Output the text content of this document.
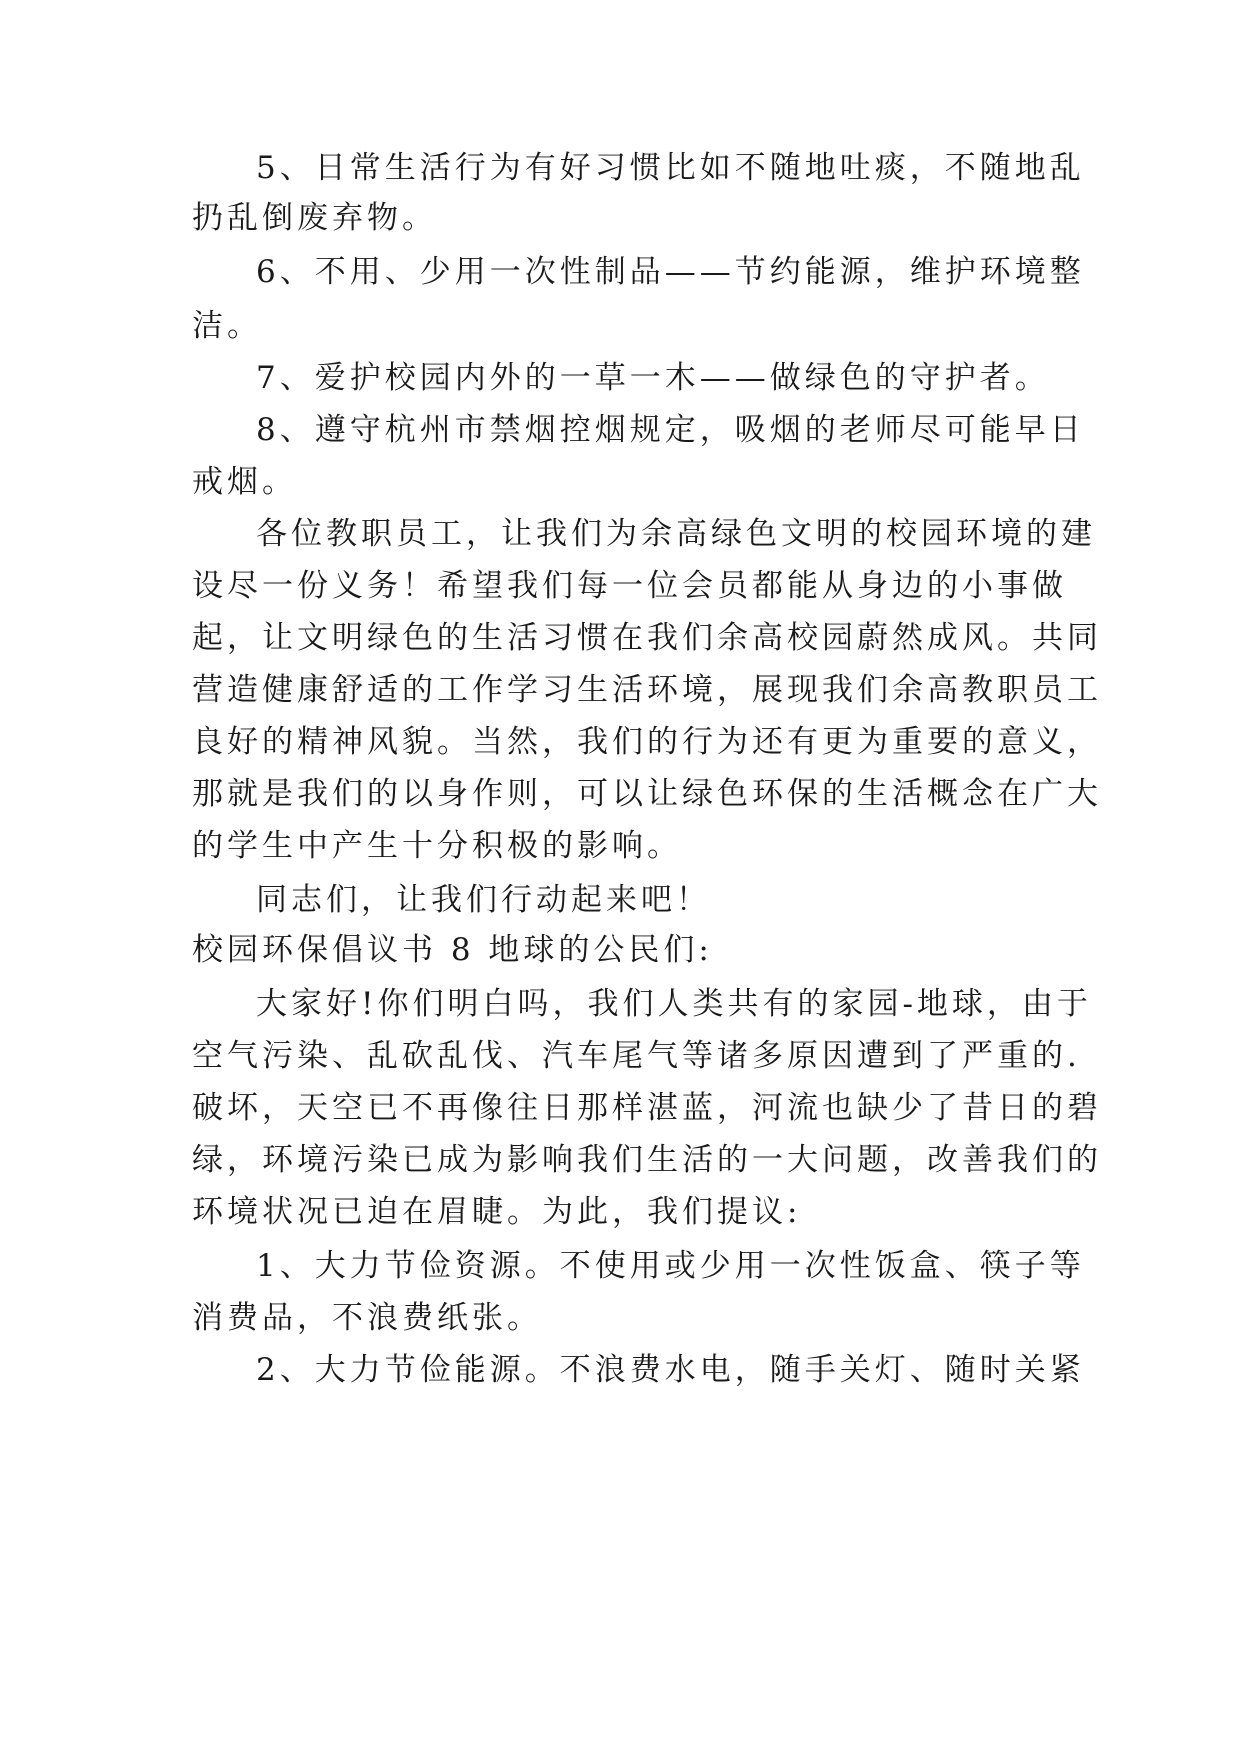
5、日常生活行为有好习惯比如不随地吐痰，不随地乱
扔乱倒废弃物。
6、不用、少用一次性制品——节约能源，维护环境整
洁。
7、爱护校园内外的一草一木——做绿色的守护者。
8、遵守杭州市禁烟控烟规定，吸烟的老师尽可能早日
戒烟。
各位教职员工，让我们为余高绿色文明的校园环境的建
设尽一份义务！希望我们每一位会员都能从身边的小事做
起，让文明绿色的生活习惯在我们余高校园蔚然成风。共同
营造健康舒适的工作学习生活环境，展现我们余高教职员工
良好的精神风貌。当然，我们的行为还有更为重要的意义，
那就是我们的以身作则，可以让绿色环保的生活概念在广大
的学生中产生十分积极的影响。
同志们，让我们行动起来吧！
校园环保倡议书 8 地球的公民们:
大家好!你们明白吗，我们人类共有的家园-地球，由于
空气污染、乱砍乱伐、汽车尾气等诸多原因遭到了严重的.
破坏，天空已不再像往日那样湛蓝，河流也缺少了昔日的碧
绿，环境污染已成为影响我们生活的一大问题，改善我们的
环境状况已迫在眉睫。为此，我们提议:
1、大力节俭资源。不使用或少用一次性饭盒、筷子等
消费品，不浪费纸张。
2、大力节俭能源。不浪费水电，随手关灯、随时关紧
